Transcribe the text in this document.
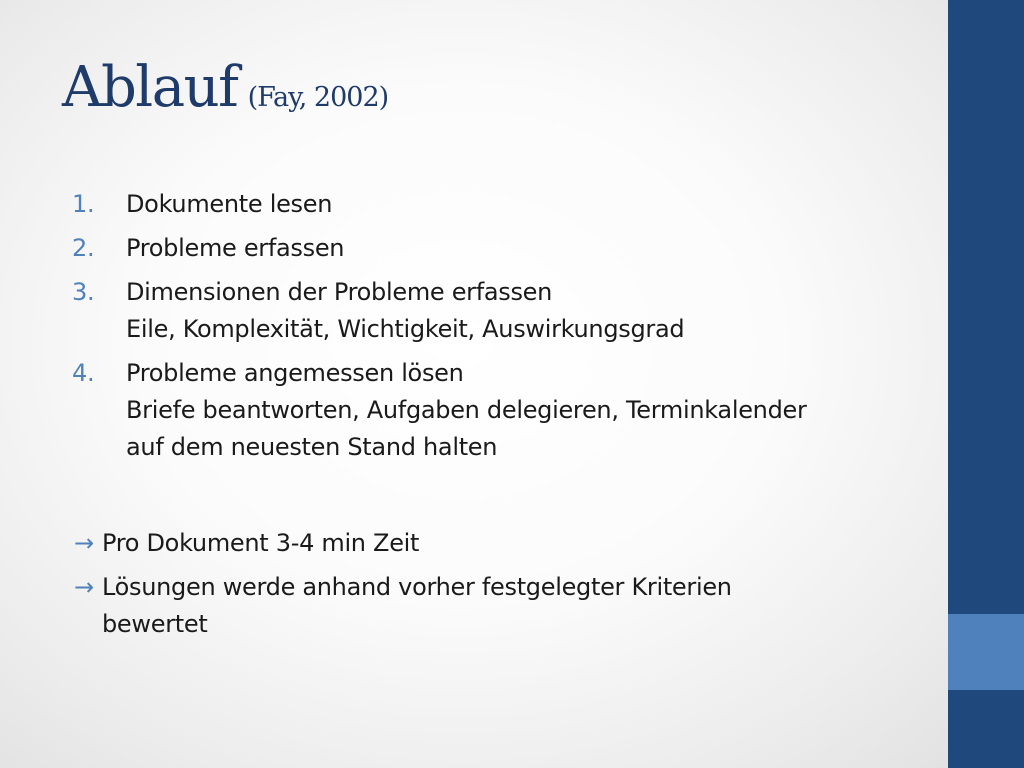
Ablauf (Fay, 2002)
1. Dokumente lesen
2. Probleme erfassen
3. Dimensionen der Probleme erfassen
Eile, Komplexität, Wichtigkeit, Auswirkungsgrad
4. Probleme angemessen lösen
Briefe beantworten, Aufgaben delegieren, Terminkalender
auf dem neuesten Stand halten
→ Pro Dokument 3-4 min Zeit
→ Lösungen werde anhand vorher festgelegter Kriterien
bewertet
